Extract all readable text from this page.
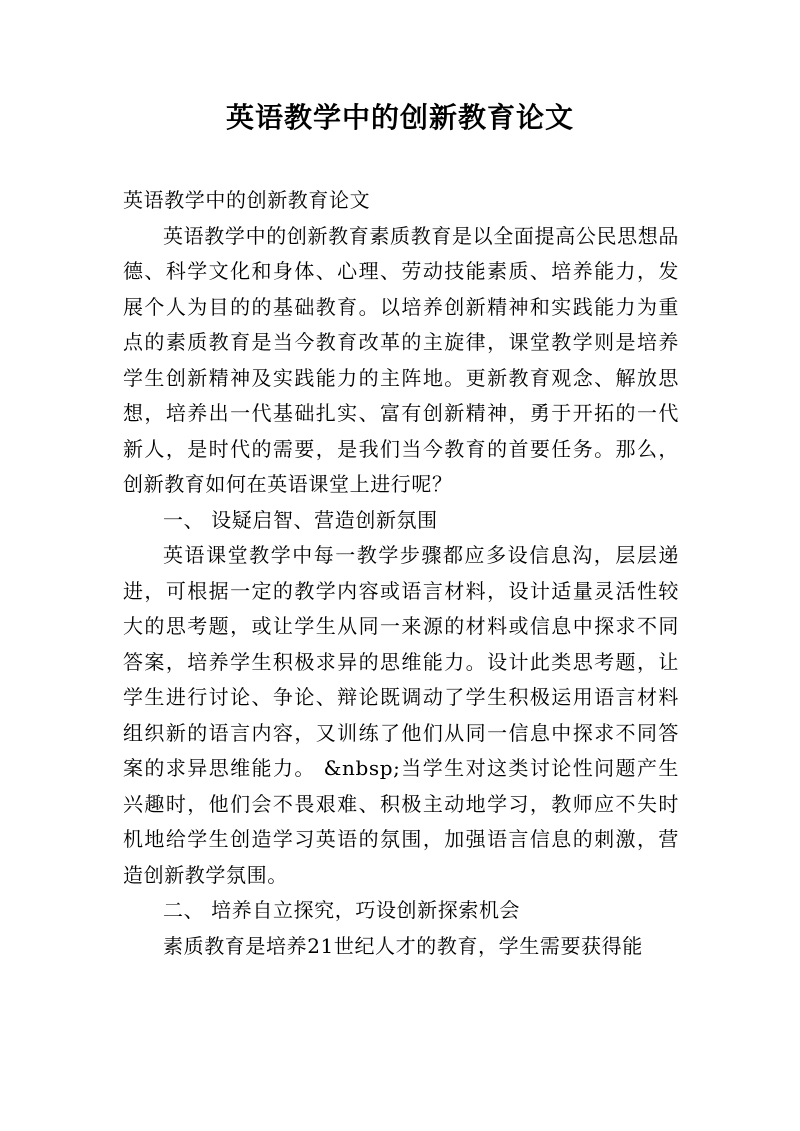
英语教学中的创新教育论文

英语教学中的创新教育论文

英语教学中的创新教育素质教育是以全面提高公民思想品德、科学文化和身体、心理、劳动技能素质、培养能力，发展个人为目的的基础教育。以培养创新精神和实践能力为重点的素质教育是当今教育改革的主旋律，课堂教学则是培养学生创新精神及实践能力的主阵地。更新教育观念、解放思想，培养出一代基础扎实、富有创新精神，勇于开拓的一代新人，是时代的需要，是我们当今教育的首要任务。那么，创新教育如何在英语课堂上进行呢？

一、 设疑启智、营造创新氛围

英语课堂教学中每一教学步骤都应多设信息沟，层层递进，可根据一定的教学内容或语言材料，设计适量灵活性较大的思考题，或让学生从同一来源的材料或信息中探求不同答案，培养学生积极求异的思维能力。设计此类思考题，让学生进行讨论、争论、辩论既调动了学生积极运用语言材料组织新的语言内容，又训练了他们从同一信息中探求不同答案的求异思维能力。 &nbsp;当学生对这类讨论性问题产生兴趣时，他们会不畏艰难、积极主动地学习，教师应不失时机地给学生创造学习英语的氛围，加强语言信息的刺激，营造创新教学氛围。

二、 培养自立探究，巧设创新探索机会

素质教育是培养21世纪人才的教育，学生需要获得能
